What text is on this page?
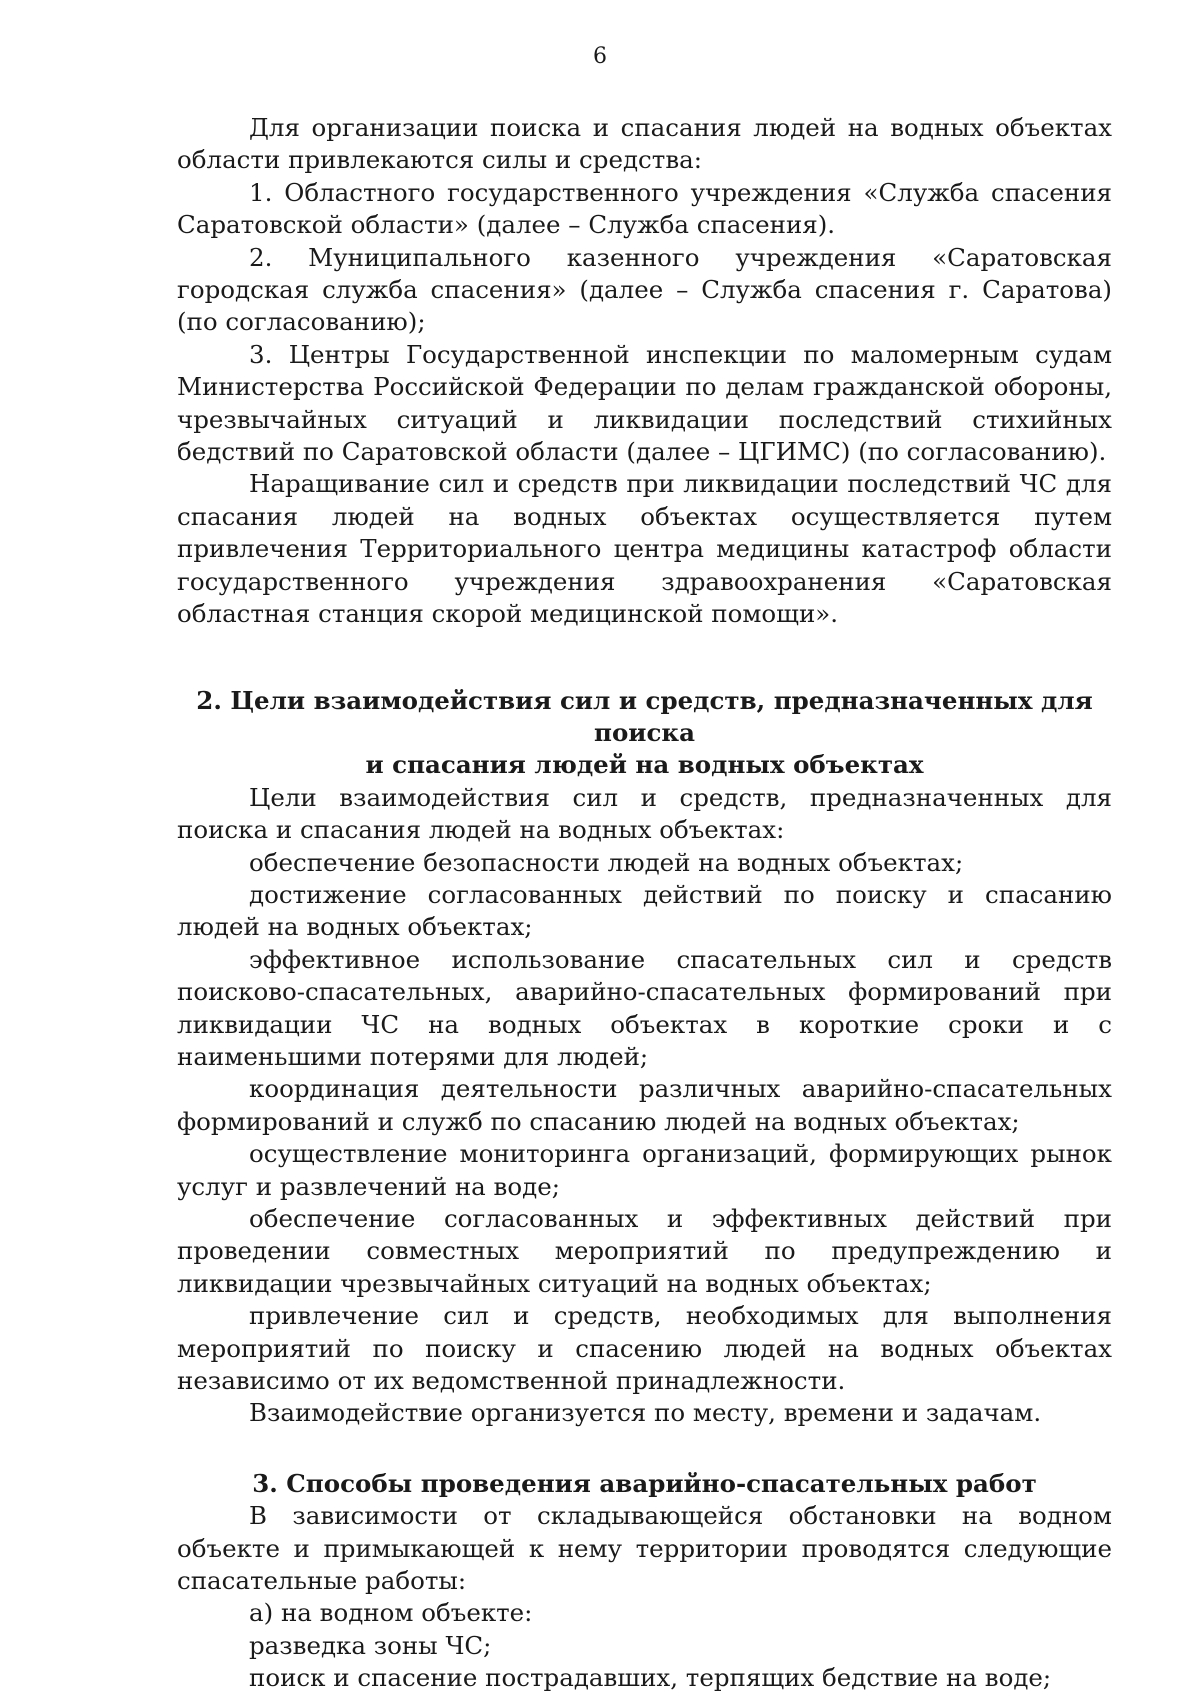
6

Для организации поиска и спасания людей на водных объектах области привлекаются силы и средства:

1. Областного государственного учреждения «Служба спасения Саратовской области» (далее – Служба спасения).

2. Муниципального казенного учреждения «Саратовская городская служба спасения» (далее – Служба спасения г. Саратова) (по согласованию);

3. Центры Государственной инспекции по маломерным судам Министерства Российской Федерации по делам гражданской обороны, чрезвычайных ситуаций и ликвидации последствий стихийных бедствий по Саратовской области (далее – ЦГИМС) (по согласованию).

Наращивание сил и средств при ликвидации последствий ЧС для спасания людей на водных объектах осуществляется путем привлечения Территориального центра медицины катастроф области государственного учреждения здравоохранения «Саратовская областная станция скорой медицинской помощи».

2. Цели взаимодействия сил и средств, предназначенных для поиска
и спасания людей на водных объектах

Цели взаимодействия сил и средств, предназначенных для поиска и спасания людей на водных объектах:

обеспечение безопасности людей на водных объектах;

достижение согласованных действий по поиску и спасанию людей на водных объектах;

эффективное использование спасательных сил и средств поисково-спасательных, аварийно-спасательных формирований при ликвидации ЧС на водных объектах в короткие сроки и с наименьшими потерями для людей;

координация деятельности различных аварийно-спасательных формирований и служб по спасанию людей на водных объектах;

осуществление мониторинга организаций, формирующих рынок услуг и развлечений на воде;

обеспечение согласованных и эффективных действий при проведении совместных мероприятий по предупреждению и ликвидации чрезвычайных ситуаций на водных объектах;

привлечение сил и средств, необходимых для выполнения мероприятий по поиску и спасению людей на водных объектах независимо от их ведомственной принадлежности.

Взаимодействие организуется по месту, времени и задачам.

3. Способы проведения аварийно-спасательных работ

В зависимости от складывающейся обстановки на водном объекте и примыкающей к нему территории проводятся следующие спасательные работы:

а) на водном объекте:

разведка зоны ЧС;

поиск и спасение пострадавших, терпящих бедствие на воде;
